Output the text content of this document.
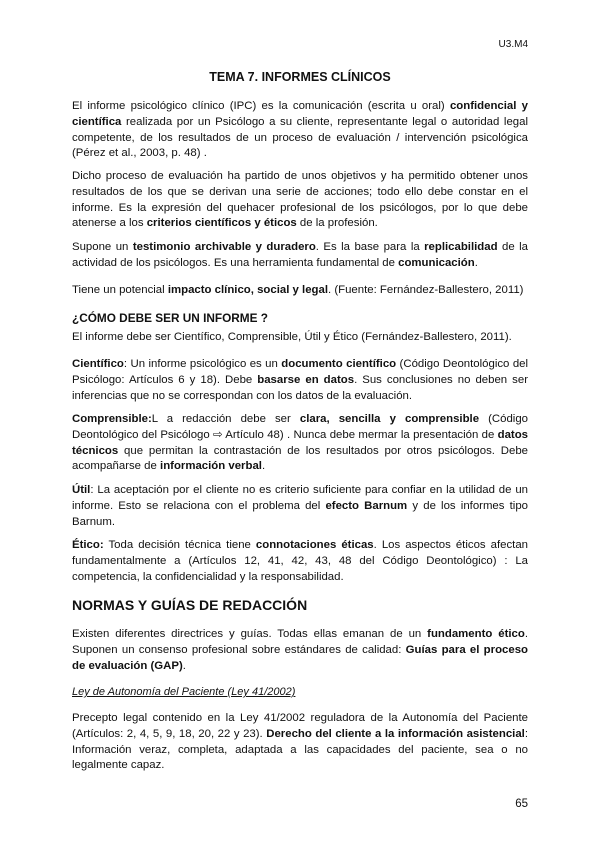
U3.M4
TEMA 7. INFORMES CLÍNICOS
El informe psicológico clínico (IPC) es la comunicación (escrita u oral) confidencial y científica realizada por un Psicólogo a su cliente, representante legal o autoridad legal competente, de los resultados de un proceso de evaluación / intervención psicológica (Pérez et al., 2003, p. 48) .
Dicho proceso de evaluación ha partido de unos objetivos y ha permitido obtener unos resultados de los que se derivan una serie de acciones; todo ello debe constar en el informe. Es la expresión del quehacer profesional de los psicólogos, por lo que debe atenerse a los criterios científicos y éticos de la profesión.
Supone un testimonio archivable y duradero. Es la base para la replicabilidad de la actividad de los psicólogos. Es una herramienta fundamental de comunicación.
Tiene un potencial impacto clínico, social y legal. (Fuente: Fernández-Ballestero, 2011)
¿CÓMO DEBE SER UN INFORME ?
El informe debe ser Científico, Comprensible, Útil y Ético (Fernández-Ballestero, 2011).
Científico: Un informe psicológico es un documento científico (Código Deontológico del Psicólogo: Artículos 6 y 18). Debe basarse en datos. Sus conclusiones no deben ser inferencias que no se correspondan con los datos de la evaluación.
Comprensible:L a redacción debe ser clara, sencilla y comprensible (Código Deontológico del Psicólogo ⇨ Artículo 48) . Nunca debe mermar la presentación de datos técnicos que permitan la contrastación de los resultados por otros psicólogos. Debe acompañarse de información verbal.
Útil: La aceptación por el cliente no es criterio suficiente para confiar en la utilidad de un informe. Esto se relaciona con el problema del efecto Barnum y de los informes tipo Barnum.
Ético: Toda decisión técnica tiene connotaciones éticas. Los aspectos éticos afectan fundamentalmente a (Artículos 12, 41, 42, 43, 48 del Código Deontológico) : La competencia, la confidencialidad y la responsabilidad.
NORMAS Y GUÍAS DE REDACCIÓN
Existen diferentes directrices y guías. Todas ellas emanan de un fundamento ético. Suponen un consenso profesional sobre estándares de calidad: Guías para el proceso de evaluación (GAP).
Ley de Autonomía del Paciente (Ley 41/2002)
Precepto legal contenido en la Ley 41/2002 reguladora de la Autonomía del Paciente (Artículos: 2, 4, 5, 9, 18, 20, 22 y 23). Derecho del cliente a la información asistencial: Información veraz, completa, adaptada a las capacidades del paciente, sea o no legalmente capaz.
65
